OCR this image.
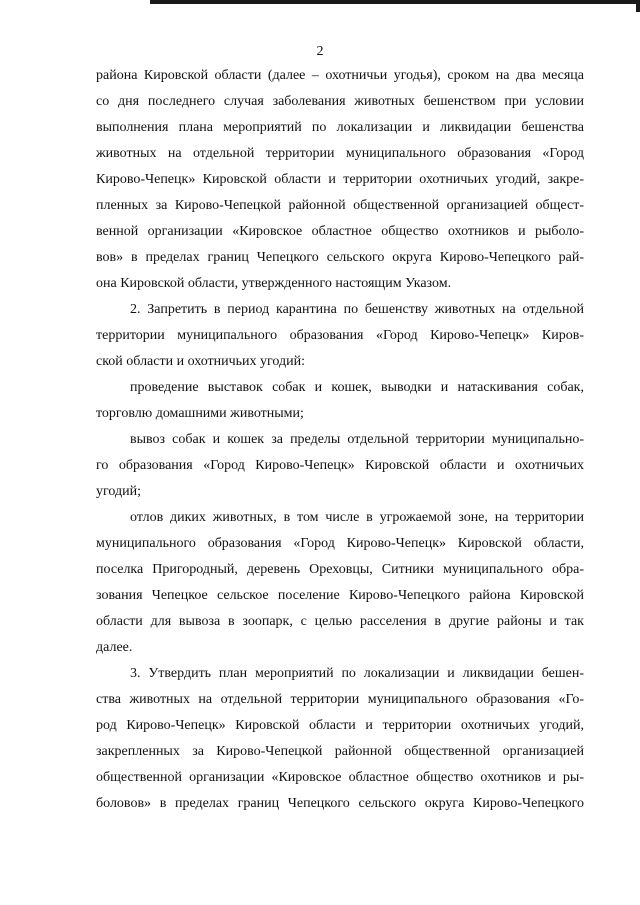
2
района Кировской области (далее – охотничьи угодья), сроком на два месяца
со дня последнего случая заболевания животных бешенством при условии
выполнения плана мероприятий по локализации и ликвидации бешенства
животных на отдельной территории муниципального образования «Город
Кирово-Чепецк» Кировской области и территории охотничьих угодий, закре-
пленных за Кирово-Чепецкой районной общественной организацией общест-
венной организации «Кировское областное общество охотников и рыболо-
вов» в пределах границ Чепецкого сельского округа Кирово-Чепецкого рай-
она Кировской области, утвержденного настоящим Указом.
2. Запретить в период карантина по бешенству животных на отдельной
территории муниципального образования «Город Кирово-Чепецк» Киров-
ской области и охотничьих угодий:
проведение выставок собак и кошек, выводки и натаскивания собак,
торговлю домашними животными;
вывоз собак и кошек за пределы отдельной территории муниципально-
го образования «Город Кирово-Чепецк» Кировской области и охотничьих
угодий;
отлов диких животных, в том числе в угрожаемой зоне, на территории
муниципального образования «Город Кирово-Чепецк» Кировской области,
поселка Пригородный, деревень Ореховцы, Ситники муниципального обра-
зования Чепецкое сельское поселение Кирово-Чепецкого района Кировской
области для вывоза в зоопарк, с целью расселения в другие районы и так
далее.
3. Утвердить план мероприятий по локализации и ликвидации бешен-
ства животных на отдельной территории муниципального образования «Го-
род Кирово-Чепецк» Кировской области и территории охотничьих угодий,
закрепленных за Кирово-Чепецкой районной общественной организацией
общественной организации «Кировское областное общество охотников и ры-
боловов» в пределах границ Чепецкого сельского округа Кирово-Чепецкого
